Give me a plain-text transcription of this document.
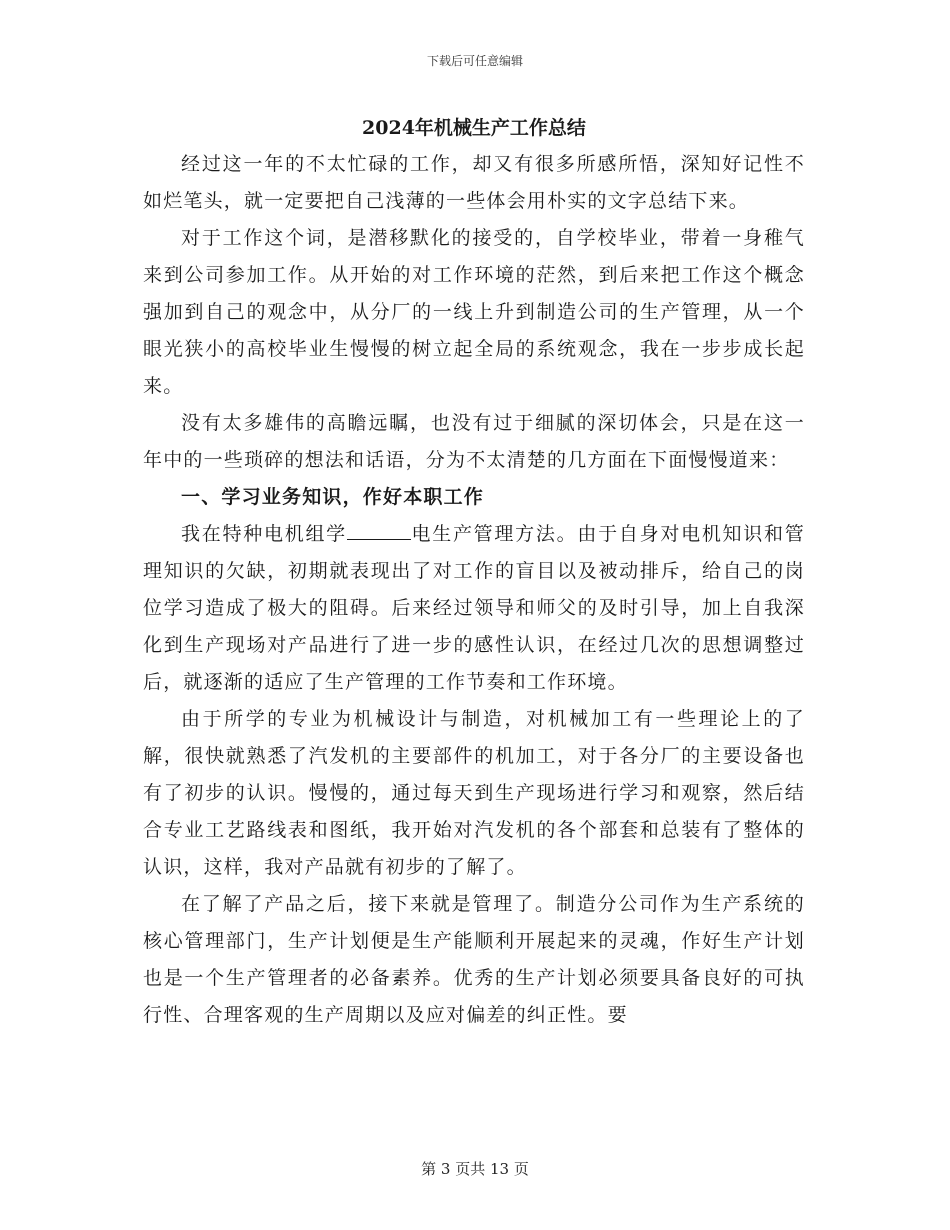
下载后可任意编辑
2024年机械生产工作总结

经过这一年的不太忙碌的工作，却又有很多所感所悟，深知好记性不如烂笔头，就一定要把自己浅薄的一些体会用朴实的文字总结下来。

对于工作这个词，是潜移默化的接受的，自学校毕业，带着一身稚气来到公司参加工作。从开始的对工作环境的茫然，到后来把工作这个概念强加到自己的观念中，从分厂的一线上升到制造公司的生产管理，从一个眼光狭小的高校毕业生慢慢的树立起全局的系统观念，我在一步步成长起来。

没有太多雄伟的高瞻远瞩，也没有过于细腻的深切体会，只是在这一年中的一些琐碎的想法和话语，分为不太清楚的几方面在下面慢慢道来：

一、学习业务知识，作好本职工作

我在特种电机组学	电生产管理方法。由于自身对电机知识和管理知识的欠缺，初期就表现出了对工作的盲目以及被动排斥，给自己的岗位学习造成了极大的阻碍。后来经过领导和师父的及时引导，加上自我深化到生产现场对产品进行了进一步的感性认识，在经过几次的思想调整过后，就逐渐的适应了生产管理的工作节奏和工作环境。

由于所学的专业为机械设计与制造，对机械加工有一些理论上的了解，很快就熟悉了汽发机的主要部件的机加工，对于各分厂的主要设备也有了初步的认识。慢慢的，通过每天到生产现场进行学习和观察，然后结合专业工艺路线表和图纸，我开始对汽发机的各个部套和总装有了整体的认识，这样，我对产品就有初步的了解了。

在了解了产品之后，接下来就是管理了。制造分公司作为生产系统的核心管理部门，生产计划便是生产能顺利开展起来的灵魂，作好生产计划也是一个生产管理者的必备素养。优秀的生产计划必须要具备良好的可执行性、合理客观的生产周期以及应对偏差的纠正性。要

第 3 页共 13 页
